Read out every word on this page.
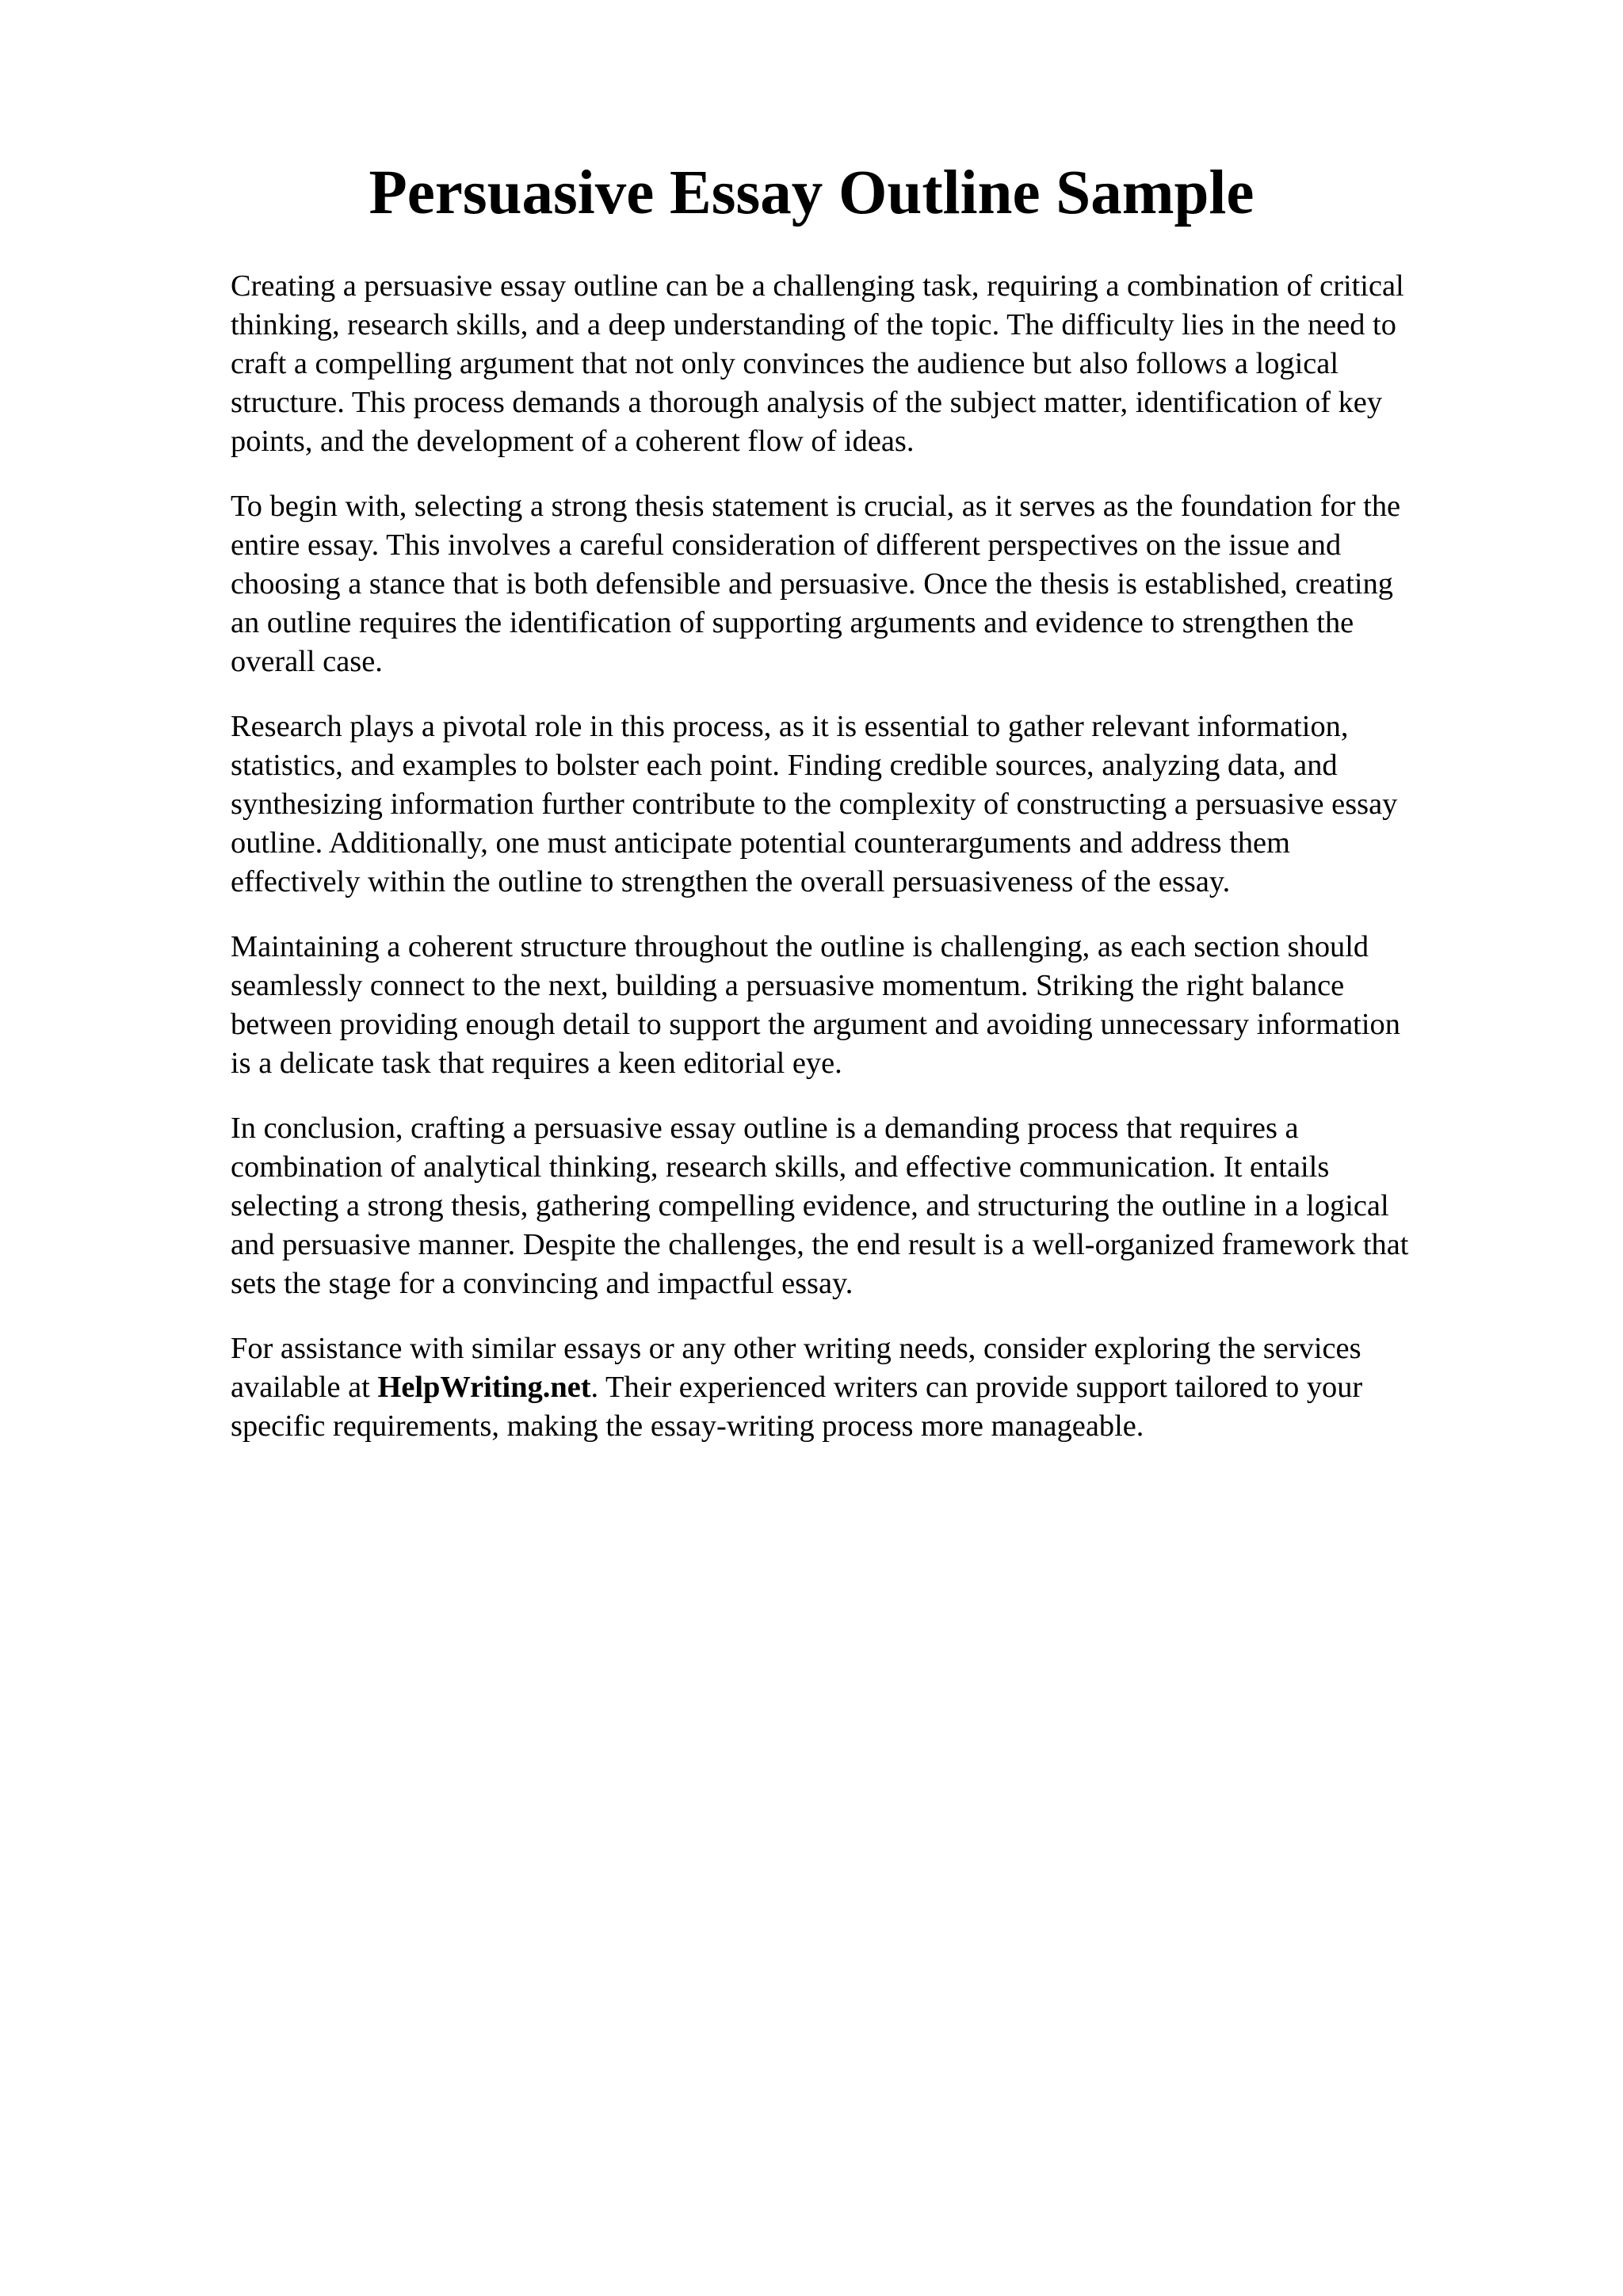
Persuasive Essay Outline Sample

Creating a persuasive essay outline can be a challenging task, requiring a combination of critical
thinking, research skills, and a deep understanding of the topic. The difficulty lies in the need to
craft a compelling argument that not only convinces the audience but also follows a logical
structure. This process demands a thorough analysis of the subject matter, identification of key
points, and the development of a coherent flow of ideas.

To begin with, selecting a strong thesis statement is crucial, as it serves as the foundation for the
entire essay. This involves a careful consideration of different perspectives on the issue and
choosing a stance that is both defensible and persuasive. Once the thesis is established, creating
an outline requires the identification of supporting arguments and evidence to strengthen the
overall case.

Research plays a pivotal role in this process, as it is essential to gather relevant information,
statistics, and examples to bolster each point. Finding credible sources, analyzing data, and
synthesizing information further contribute to the complexity of constructing a persuasive essay
outline. Additionally, one must anticipate potential counterarguments and address them
effectively within the outline to strengthen the overall persuasiveness of the essay.

Maintaining a coherent structure throughout the outline is challenging, as each section should
seamlessly connect to the next, building a persuasive momentum. Striking the right balance
between providing enough detail to support the argument and avoiding unnecessary information
is a delicate task that requires a keen editorial eye.

In conclusion, crafting a persuasive essay outline is a demanding process that requires a
combination of analytical thinking, research skills, and effective communication. It entails
selecting a strong thesis, gathering compelling evidence, and structuring the outline in a logical
and persuasive manner. Despite the challenges, the end result is a well-organized framework that
sets the stage for a convincing and impactful essay.

For assistance with similar essays or any other writing needs, consider exploring the services
available at HelpWriting.net. Their experienced writers can provide support tailored to your
specific requirements, making the essay-writing process more manageable.
